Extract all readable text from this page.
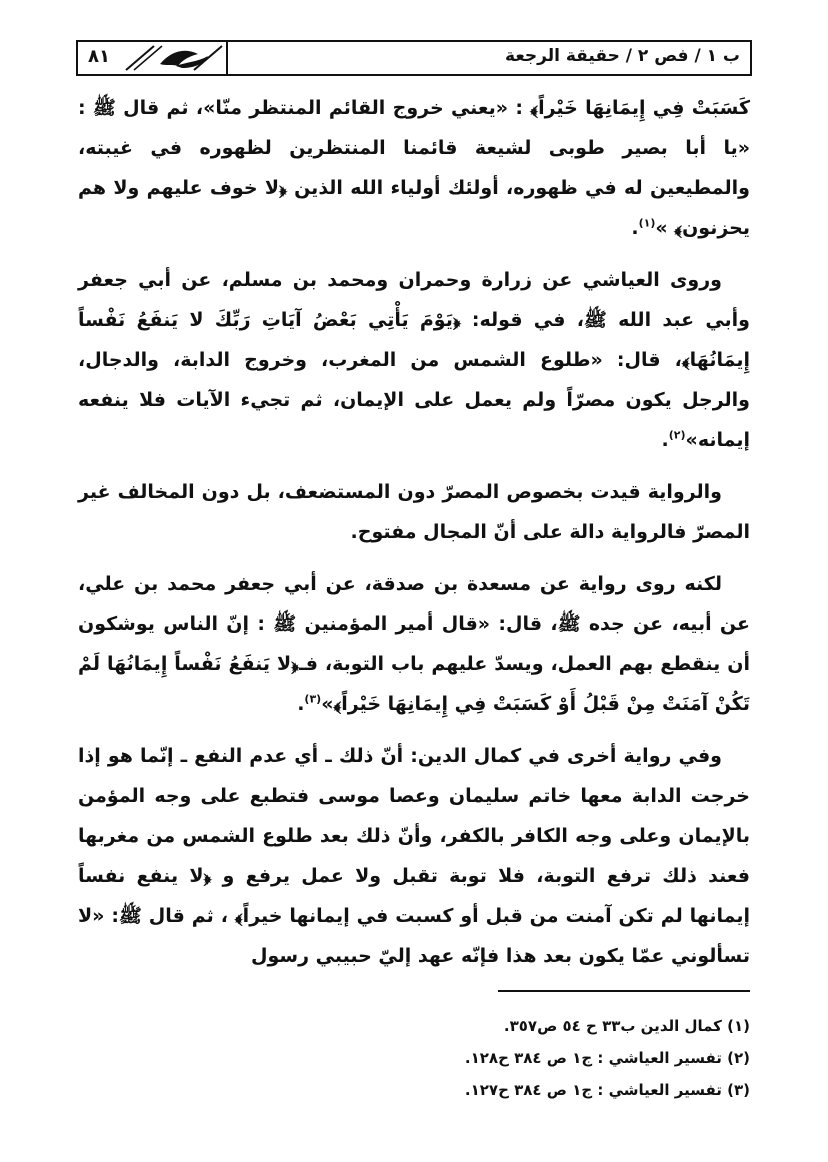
ب ١ / فص ٢ / حقيقة الرجعة
٨١

كَسَبَتْ فِي إِيمَانِهَا خَيْراً﴾ : «يعني خروج القائم المنتظر منّا»، ثم قال ﷺ : «يا أبا بصير طوبى لشيعة قائمنا المنتظرين لظهوره في غيبته، والمطيعين له في ظهوره، أولئك أولياء الله الذين ﴿لا خوف عليهم ولا هم يحزنون﴾ »$^{(١)}$.

وروى العياشي عن زرارة وحمران ومحمد بن مسلم، عن أبي جعفر وأبي عبد الله ﷺ، في قوله: ﴿يَوْمَ يَأْتِي بَعْضُ آيَاتِ رَبِّكَ لا يَنفَعُ نَفْساً إِيمَانُهَا﴾، قال: «طلوع الشمس من المغرب، وخروج الدابة، والدجال، والرجل يكون مصرّاً ولم يعمل على الإيمان، ثم تجيء الآيات فلا ينفعه إيمانه»$^{(٢)}$.

والرواية قيدت بخصوص المصرّ دون المستضعف، بل دون المخالف غير المصرّ فالرواية دالة على أنّ المجال مفتوح.

لكنه روى رواية عن مسعدة بن صدقة، عن أبي جعفر محمد بن علي، عن أبيه، عن جده ﷺ، قال: «قال أمير المؤمنين ﷺ : إنّ الناس يوشكون أن ينقطع بهم العمل، ويسدّ عليهم باب التوبة، فـ﴿لا يَنفَعُ نَفْساً إِيمَانُهَا لَمْ تَكُنْ آمَنَتْ مِنْ قَبْلُ أَوْ كَسَبَتْ فِي إِيمَانِهَا خَيْراً﴾»$^{(٣)}$.

وفي رواية أخرى في كمال الدين: أنّ ذلك ـ أي عدم النفع ـ إنّما هو إذا خرجت الدابة معها خاتم سليمان وعصا موسى فتطبع على وجه المؤمن بالإيمان وعلى وجه الكافر بالكفر، وأنّ ذلك بعد طلوع الشمس من مغربها فعند ذلك ترفع التوبة، فلا توبة تقبل ولا عمل يرفع و ﴿لا ينفع نفساً إيمانها لم تكن آمنت من قبل أو كسبت في إيمانها خيراً﴾ ، ثم قال ﷺ: «لا تسألوني عمّا يكون بعد هذا فإنّه عهد إليّ حبيبي رسول

(١) كمال الدين ب٣٣ ح ٥٤ ص٣٥٧.
(٢) تفسير العياشي : ج١ ص ٣٨٤ ح١٢٨.
(٣) تفسير العياشي : ج١ ص ٣٨٤ ح١٢٧.
